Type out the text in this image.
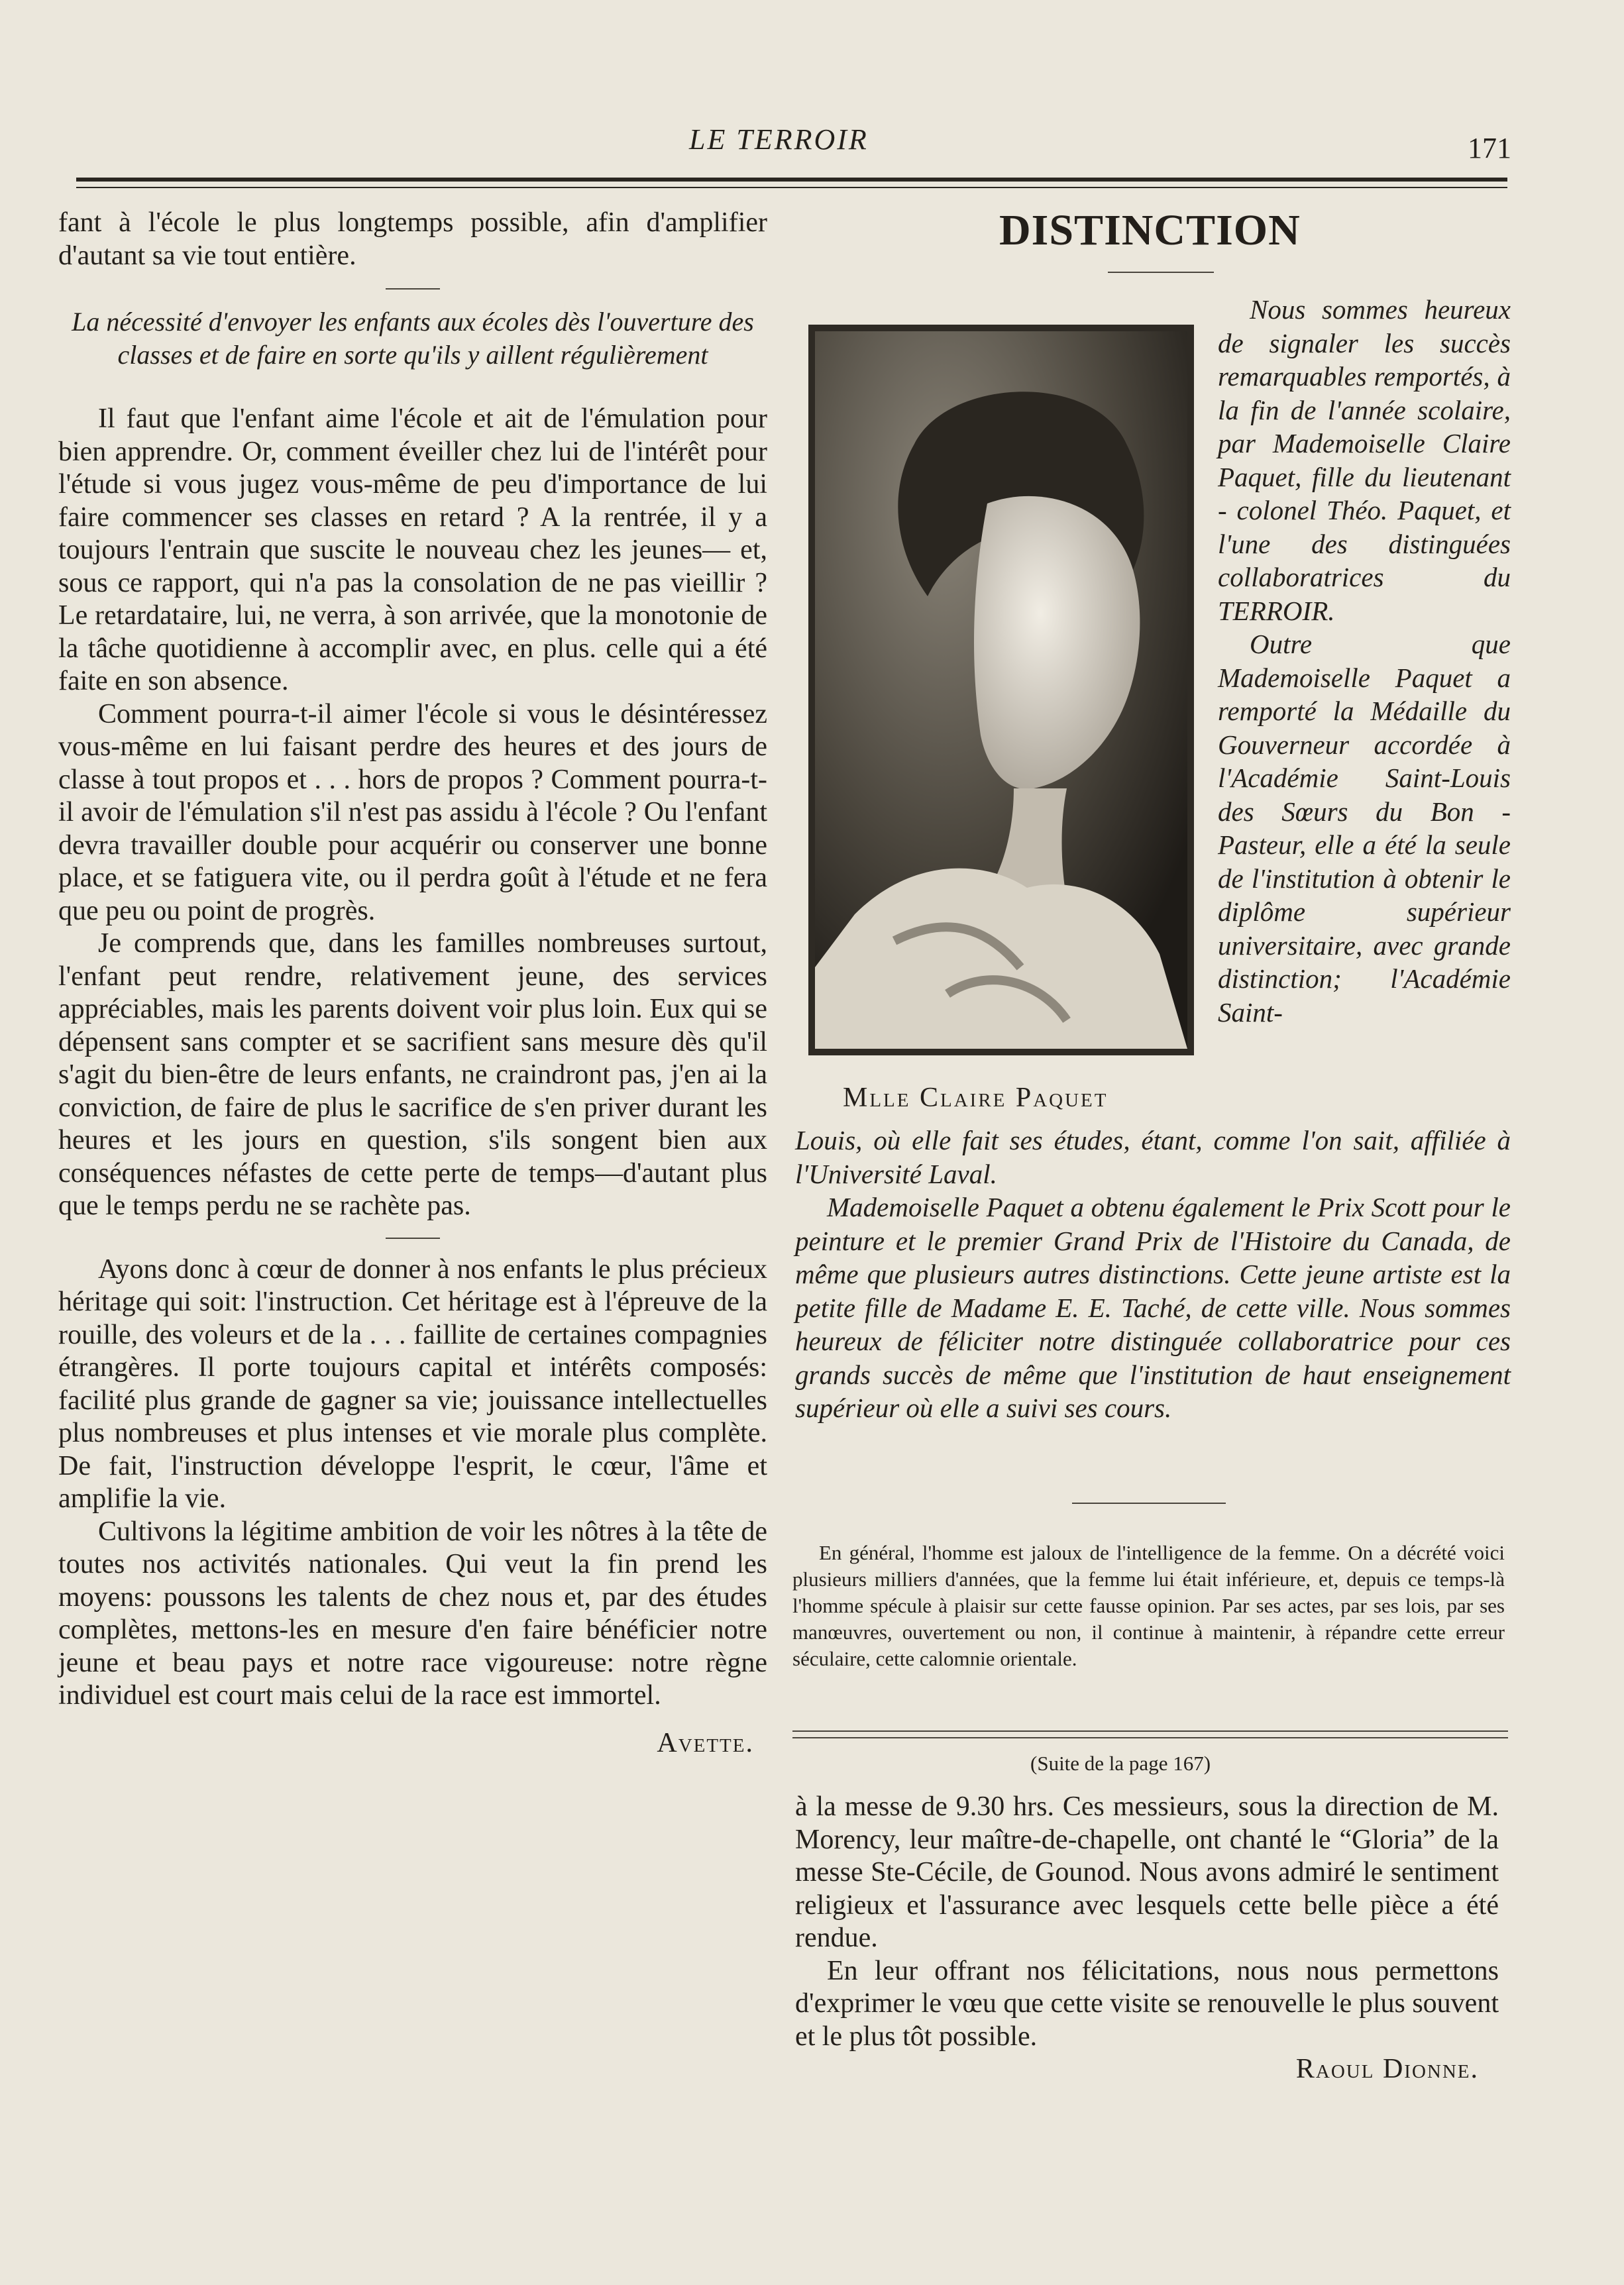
LE TERROIR	171

fant à l'école le plus longtemps possible, afin d'amplifier d'autant sa vie tout entière.

La nécessité d'envoyer les enfants aux écoles dès l'ouverture des classes et de faire en sorte qu'ils y aillent régulièrement

Il faut que l'enfant aime l'école et ait de l'émulation pour bien apprendre. Or, comment éveiller chez lui de l'intérêt pour l'étude si vous jugez vous-même de peu d'importance de lui faire commencer ses classes en retard ? A la rentrée, il y a toujours l'entrain que suscite le nouveau chez les jeunes— et, sous ce rapport, qui n'a pas la consolation de ne pas vieillir ? Le retardataire, lui, ne verra, à son arrivée, que la monotonie de la tâche quotidienne à accomplir avec, en plus. celle qui a été faite en son absence.

Comment pourra-t-il aimer l'école si vous le désintéressez vous-même en lui faisant perdre des heures et des jours de classe à tout propos et . . . hors de propos ? Comment pourra-t-il avoir de l'émulation s'il n'est pas assidu à l'école ? Ou l'enfant devra travailler double pour acquérir ou conserver une bonne place, et se fatiguera vite, ou il perdra goût à l'étude et ne fera que peu ou point de progrès.

Je comprends que, dans les familles nombreuses surtout, l'enfant peut rendre, relativement jeune, des services appréciables, mais les parents doivent voir plus loin. Eux qui se dépensent sans compter et se sacrifient sans mesure dès qu'il s'agit du bien-être de leurs enfants, ne craindront pas, j'en ai la conviction, de faire de plus le sacrifice de s'en priver durant les heures et les jours en question, s'ils songent bien aux conséquences néfastes de cette perte de temps—d'autant plus que le temps perdu ne se rachète pas.

Ayons donc à cœur de donner à nos enfants le plus précieux héritage qui soit: l'instruction. Cet héritage est à l'épreuve de la rouille, des voleurs et de la . . . faillite de certaines compagnies étrangères. Il porte toujours capital et intérêts composés: facilité plus grande de gagner sa vie; jouissance intellectuelles plus nombreuses et plus intenses et vie morale plus complète. De fait, l'instruction développe l'esprit, le cœur, l'âme et amplifie la vie.

Cultivons la légitime ambition de voir les nôtres à la tête de toutes nos activités nationales. Qui veut la fin prend les moyens: poussons les talents de chez nous et, par des études complètes, mettons-les en mesure d'en faire bénéficier notre jeune et beau pays et notre race vigoureuse: notre règne individuel est court mais celui de la race est immortel.

Avette.

DISTINCTION
Mlle Claire Paquet

Nous sommes heureux de signaler les succès remarquables remportés, à la fin de l'année scolaire, par Mademoiselle Claire Paquet, fille du lieutenant - colonel Théo. Paquet, et l'une des distinguées collaboratrices du TERROIR.

Outre que Mademoiselle Paquet a remporté la Médaille du Gouverneur accordée à l'Académie Saint-Louis des Sœurs du Bon - Pasteur, elle a été la seule de l'institution à obtenir le diplôme supérieur universitaire, avec grande distinction; l'Académie Saint-

Louis, où elle fait ses études, étant, comme l'on sait, affiliée à l'Université Laval.

Mademoiselle Paquet a obtenu également le Prix Scott pour le peinture et le premier Grand Prix de l'Histoire du Canada, de même que plusieurs autres distinctions. Cette jeune artiste est la petite fille de Madame E. E. Taché, de cette ville. Nous sommes heureux de féliciter notre distinguée collaboratrice pour ces grands succès de même que l'institution de haut enseignement supérieur où elle a suivi ses cours.

En général, l'homme est jaloux de l'intelligence de la femme. On a décrété voici plusieurs milliers d'années, que la femme lui était inférieure, et, depuis ce temps-là l'homme spécule à plaisir sur cette fausse opinion. Par ses actes, par ses lois, par ses manœuvres, ouvertement ou non, il continue à maintenir, à répandre cette erreur séculaire, cette calomnie orientale.

(Suite de la page 167)

à la messe de 9.30 hrs. Ces messieurs, sous la direction de M. Morency, leur maître-de-chapelle, ont chanté le “Gloria” de la messe Ste-Cécile, de Gounod. Nous avons admiré le sentiment religieux et l'assurance avec lesquels cette belle pièce a été rendue.

En leur offrant nos félicitations, nous nous permettons d'exprimer le vœu que cette visite se renouvelle le plus souvent et le plus tôt possible.

Raoul Dionne.
